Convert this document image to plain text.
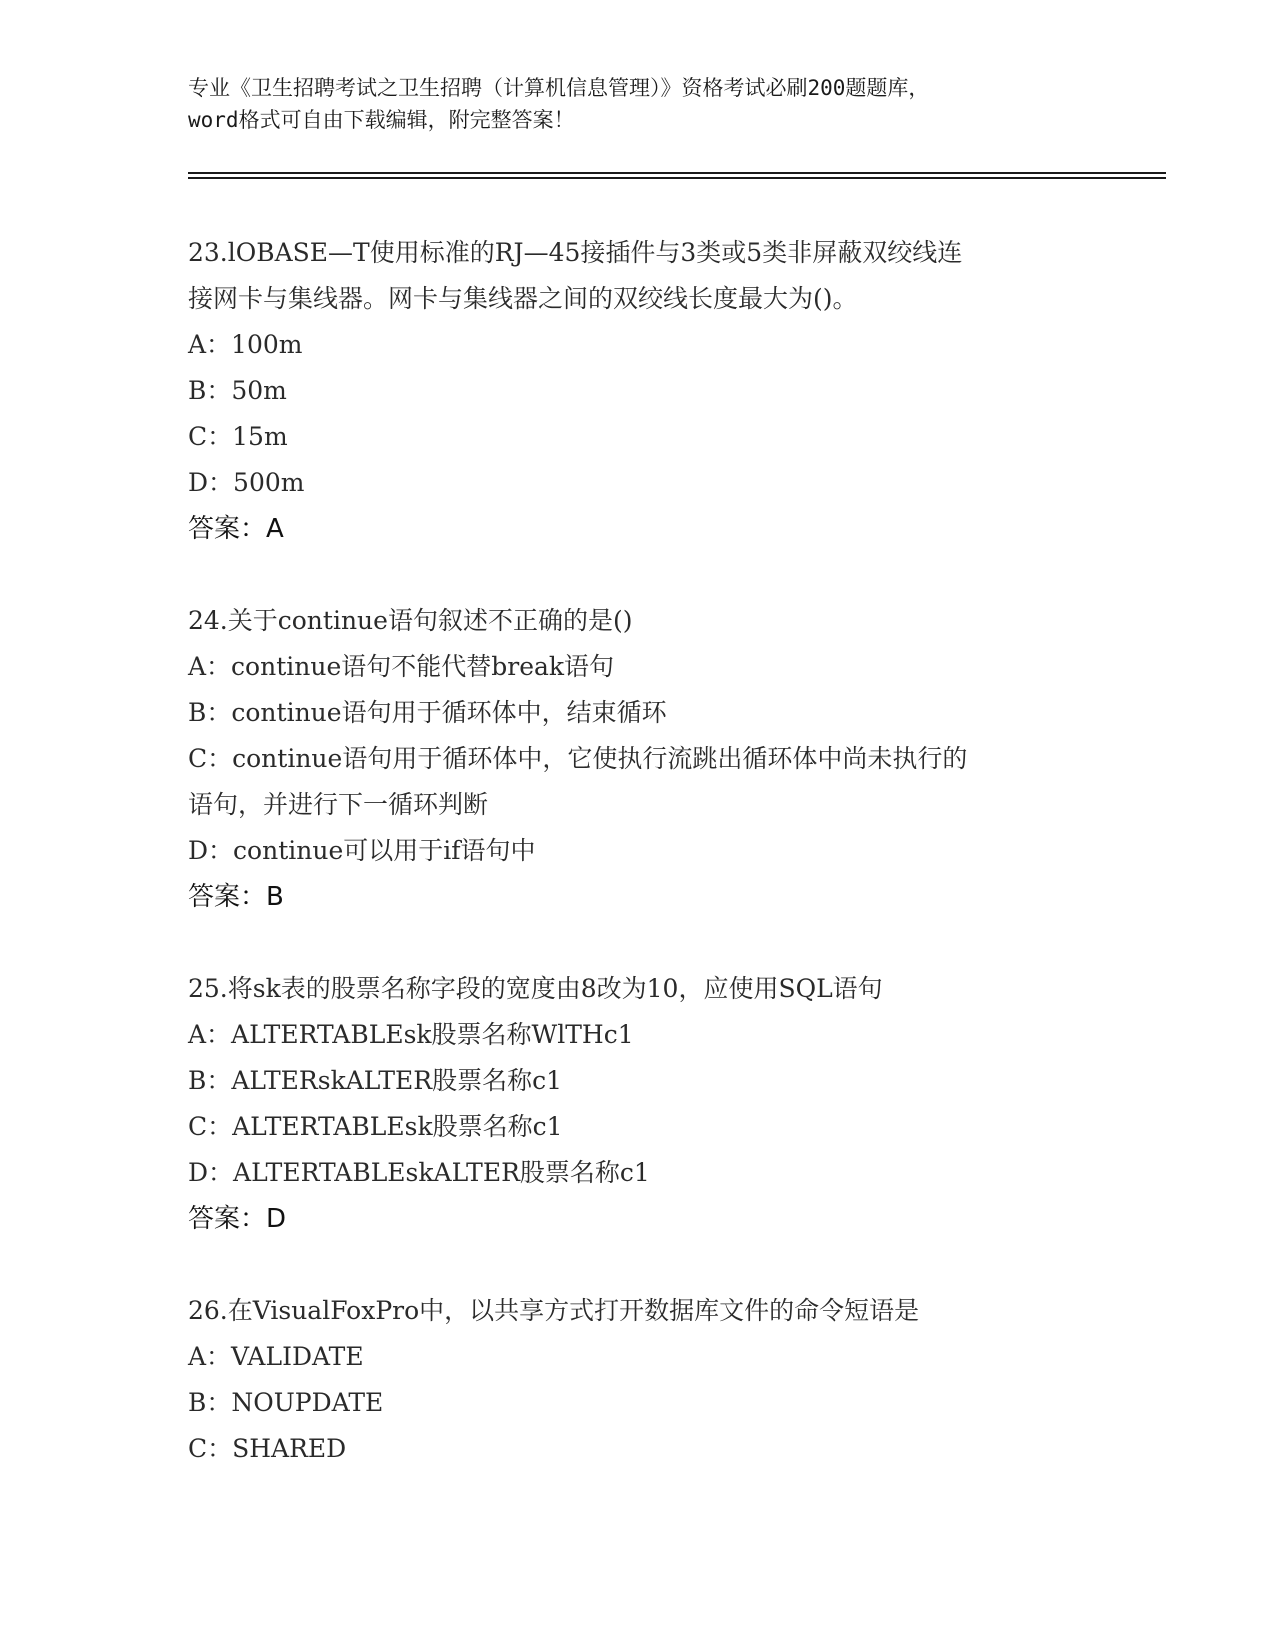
专业《卫生招聘考试之卫生招聘（计算机信息管理）》资格考试必刷200题题库，
word格式可自由下载编辑，附完整答案！

23.lOBASE—T使用标准的RJ—45接插件与3类或5类非屏蔽双绞线连

接网卡与集线器。网卡与集线器之间的双绞线长度最大为()。

A：100m

B：50m

C：15m

D：500m

答案：A

24.关于continue语句叙述不正确的是()

A：continue语句不能代替break语句

B：continue语句用于循环体中，结束循环

C：continue语句用于循环体中，它使执行流跳出循环体中尚未执行的

语句，并进行下一循环判断

D：continue可以用于if语句中

答案：B

25.将sk表的股票名称字段的宽度由8改为10，应使用SQL语句

A：ALTERTABLEsk股票名称WlTHc1

B：ALTERskALTER股票名称c1

C：ALTERTABLEsk股票名称c1

D：ALTERTABLEskALTER股票名称c1

答案：D

26.在VisualFoxPro中，以共享方式打开数据库文件的命令短语是

A：VALIDATE

B：NOUPDATE

C：SHARED
